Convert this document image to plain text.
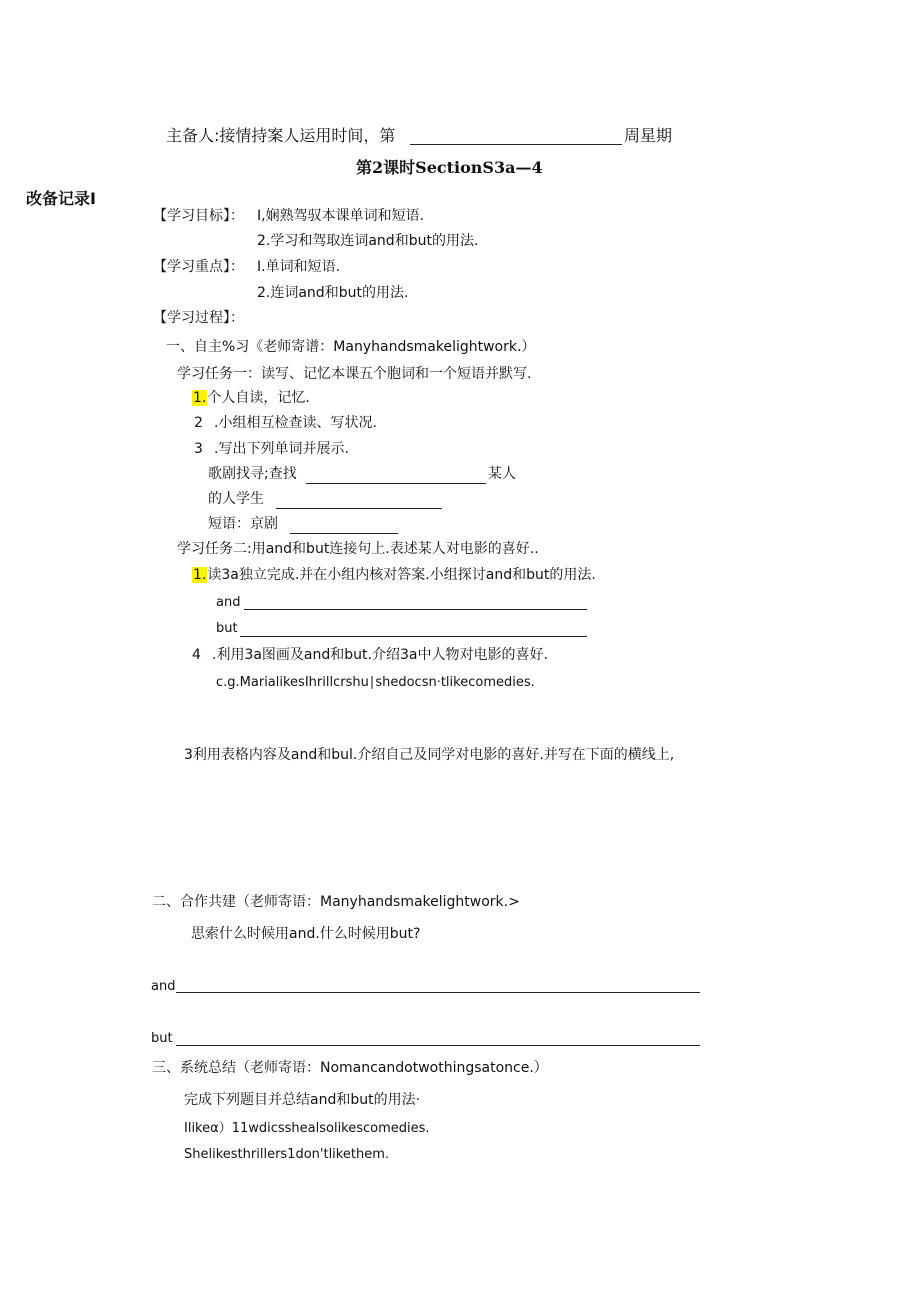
主备人:接情持案人运用时间，第	周星期
第2课时SectionS3a—4
改备记录I
【学习目标】： I,娴熟驾驭本课单词和短语.
2.学习和驾取连词and和but的用法.
【学习重点】： I.单词和短语.
2.连词and和but的用法.
【学习过程】：
一、自主%习《老师寄谱：Manyhandsmakelightwork.）
学习任务一：读写、记忆本课五个胞词和一个短语并默写.
1.个人自读，记忆.
2 .小组相互检查读、写状况.
3 .写出下列单词并展示.
歌剧找寻;查找	某人
的人学生
短语：京剧
学习任务二:用and和but连接句上.表述某人对电影的喜好..
1.读3a独立完成.并在小组内核对答案.小组探讨and和but的用法.
and
but
4 .利用3a图画及and和but.介绍3a中人物对电影的喜好.
c.g.MarialikesIhrillcrshu∣shedocsn·tlikecomedies.
3利用表格内容及and和bul.介绍自己及同学对电影的喜好.并写在下面的横线上,
二、合作共建（老师寄语：Manyhandsmakelightwork.>
思索什么时候用and.什么时候用but?
and
but
三、系统总结（老师寄语：Nomancandotwothingsatonce.）
完成下列题目并总结and和but的用法·
Ilikeα）11wdicsshealsolikescomedies.
Shelikesthrillers1don'tlikethem.
